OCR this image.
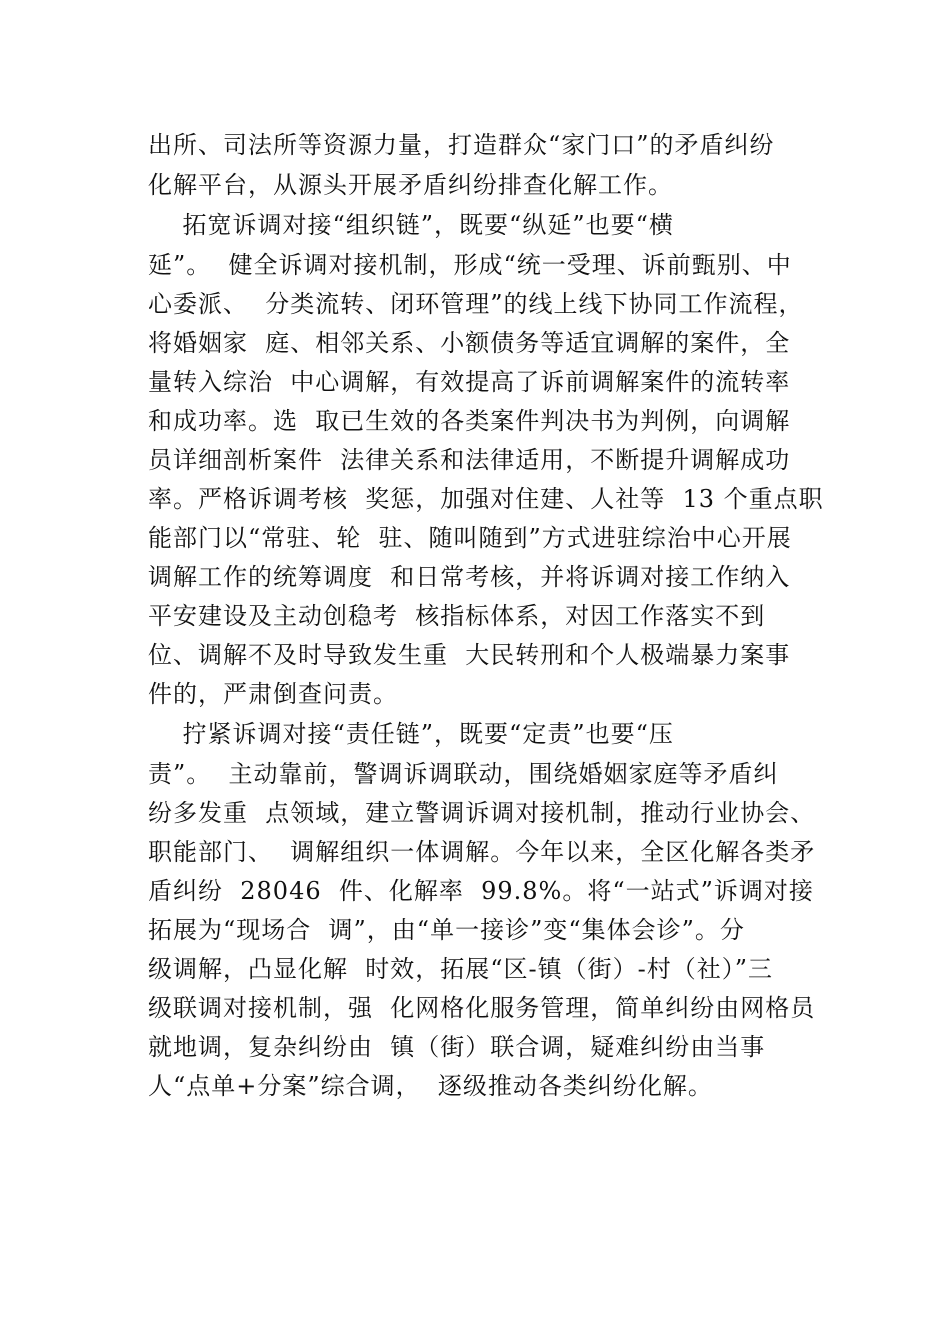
出所、司法所等资源力量，打造群众“家门口”的矛盾纠纷
化解平台，从源头开展矛盾纠纷排查化解工作。
拓宽诉调对接“组织链”，既要“纵延”也要“横
延”。  健全诉调对接机制，形成“统一受理、诉前甄别、中
心委派、  分类流转、闭环管理”的线上线下协同工作流程，
将婚姻家  庭、相邻关系、小额债务等适宜调解的案件，全
量转入综治  中心调解，有效提高了诉前调解案件的流转率
和成功率。选  取已生效的各类案件判决书为判例，向调解
员详细剖析案件  法律关系和法律适用，不断提升调解成功
率。严格诉调考核  奖惩，加强对住建、人社等  13 个重点职
能部门以“常驻、轮  驻、随叫随到”方式进驻综治中心开展
调解工作的统筹调度  和日常考核，并将诉调对接工作纳入
平安建设及主动创稳考  核指标体系，对因工作落实不到
位、调解不及时导致发生重  大民转刑和个人极端暴力案事
件的，严肃倒查问责。
拧紧诉调对接“责任链”，既要“定责”也要“压
责”。  主动靠前，警调诉调联动，围绕婚姻家庭等矛盾纠
纷多发重  点领域，建立警调诉调对接机制，推动行业协会、
职能部门、  调解组织一体调解。今年以来，全区化解各类矛
盾纠纷  28046  件、化解率  99.8%。将“一站式”诉调对接
拓展为“现场合  调”，由“单一接诊”变“集体会诊”。分
级调解，凸显化解  时效，拓展“区-镇（街）-村（社）”三
级联调对接机制，强  化网格化服务管理，简单纠纷由网格员
就地调，复杂纠纷由  镇（街）联合调，疑难纠纷由当事
人“点单+分案”综合调，  逐级推动各类纠纷化解。
